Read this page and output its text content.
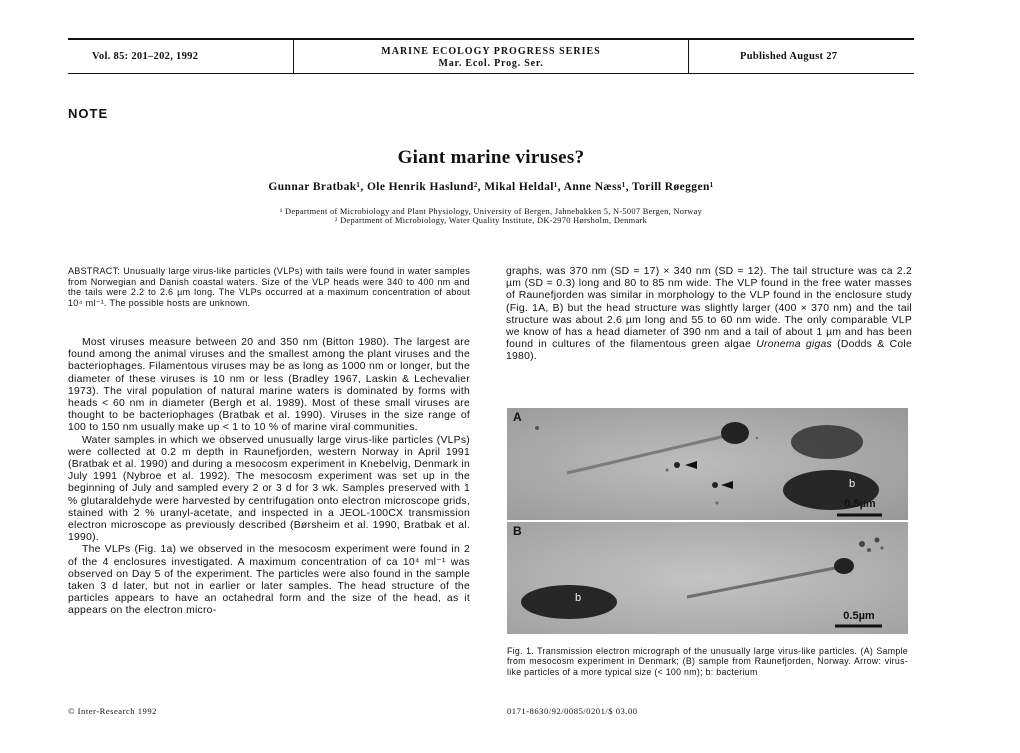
Vol. 85: 201–202, 1992	MARINE ECOLOGY PROGRESS SERIES
Mar. Ecol. Prog. Ser.
Published August 27
NOTE
Giant marine viruses?
Gunnar Bratbak¹, Ole Henrik Haslund², Mikal Heldal¹, Anne Næss¹, Torill Røeggen¹
¹ Department of Microbiology and Plant Physiology, University of Bergen, Jahnebakken 5, N-5007 Bergen, Norway
² Department of Microbiology, Water Quality Institute, DK-2970 Hørsholm, Denmark
ABSTRACT: Unusually large virus-like particles (VLPs) with tails were found in water samples from Norwegian and Danish coastal waters. Size of the VLP heads were 340 to 400 nm and the tails were 2.2 to 2.6 µm long. The VLPs occurred at a maximum concentration of about 10⁴ ml⁻¹. The possible hosts are unknown.

Most viruses measure between 20 and 350 nm (Bitton 1980). The largest are found among the animal viruses and the smallest among the plant viruses and the bacteriophages. Filamentous viruses may be as long as 1000 nm or longer, but the diameter of these viruses is 10 nm or less (Bradley 1967, Laskin & Lechevalier 1973). The viral population of natural marine waters is dominated by forms with heads < 60 nm in diameter (Bergh et al. 1989). Most of these small viruses are thought to be bacteriophages (Bratbak et al. 1990). Viruses in the size range of 100 to 150 nm usually make up < 1 to 10 % of marine viral communities.

Water samples in which we observed unusually large virus-like particles (VLPs) were collected at 0.2 m depth in Raunefjorden, western Norway in April 1991 (Bratbak et al. 1990) and during a mesocosm experiment in Knebelvig, Denmark in July 1991 (Nybroe et al. 1992). The mesocosm experiment was set up in the beginning of July and sampled every 2 or 3 d for 3 wk. Samples preserved with 1 % glutaraldehyde were harvested by centrifugation onto electron microscope grids, stained with 2 % uranyl-acetate, and inspected in a JEOL-100CX transmission electron microscope as previously described (Børsheim et al. 1990, Bratbak et al. 1990).

The VLPs (Fig. 1a) we observed in the mesocosm experiment were found in 2 of the 4 enclosures investigated. A maximum concentration of ca 10⁴ ml⁻¹ was observed on Day 5 of the experiment. The particles were also found in the sample taken 3 d later, but not in earlier or later samples. The head structure of the particles appears to have an octahedral form and the size of the head, as it appears on the electron micro-

graphs, was 370 nm (SD = 17) × 340 nm (SD = 12). The tail structure was ca 2.2 µm (SD = 0.3) long and 80 to 85 nm wide. The VLP found in the free water masses of Raunefjorden was similar in morphology to the VLP found in the enclosure study (Fig. 1A, B) but the head structure was slightly larger (400 × 370 nm) and the tail structure was about 2.6 µm long and 55 to 60 nm wide. The only comparable VLP we know of has a head diameter of 390 nm and a tail of about 1 µm and has been found in cultures of the filamentous green algae Uronema gigas (Dodds & Cole 1980).

A
b
0.5µm
B
b
0.5µm
Fig. 1. Transmission electron micrograph of the unusually large virus-like particles. (A) Sample from mesocosm experiment in Denmark; (B) sample from Raunefjorden, Norway. Arrow: virus-like particles of a more typical size (< 100 nm); b: bacterium
© Inter-Research 1992	0171-8630/92/0085/0201/$ 03.00
